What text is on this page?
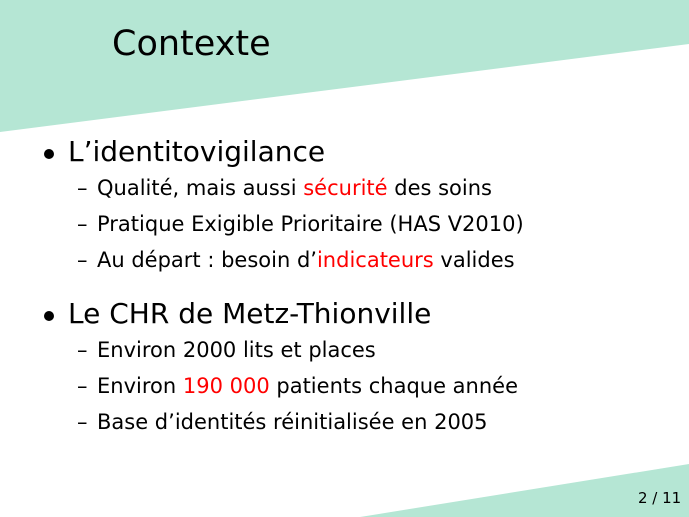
Contexte
L’identitovigilance
– Qualité, mais aussi sécurité des soins
– Pratique Exigible Prioritaire (HAS V2010)
– Au départ : besoin d’indicateurs valides
Le CHR de Metz-Thionville
– Environ 2000 lits et places
– Environ 190 000 patients chaque année
– Base d’identités réinitialisée en 2005
2 / 11
